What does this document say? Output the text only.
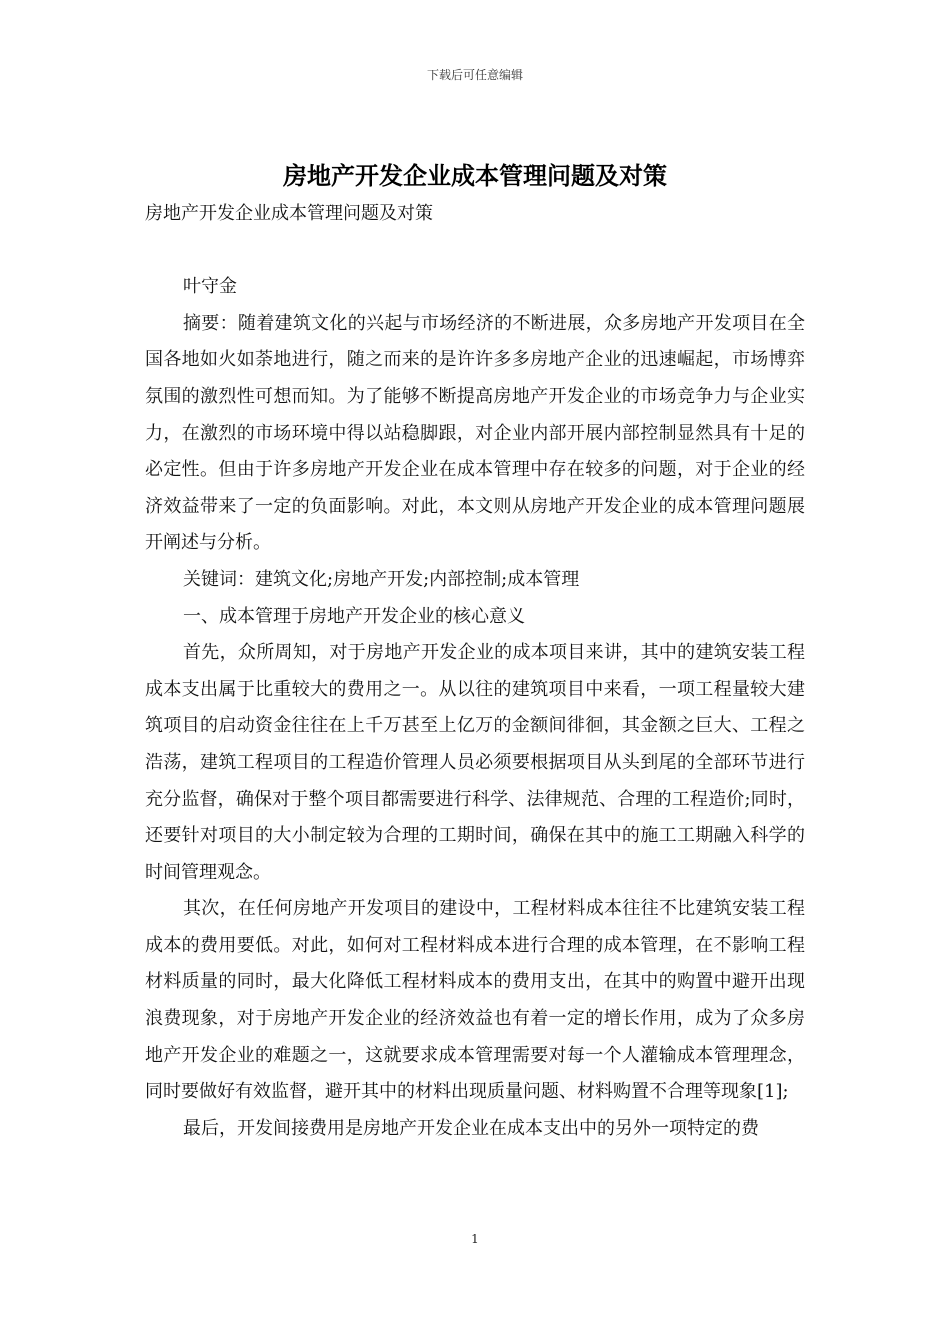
下载后可任意编辑
房地产开发企业成本管理问题及对策

房地产开发企业成本管理问题及对策

叶守金

摘要：随着建筑文化的兴起与市场经济的不断进展，众多房地产开发项目在全国各地如火如荼地进行，随之而来的是许许多多房地产企业的迅速崛起，市场博弈氛围的激烈性可想而知。为了能够不断提高房地产开发企业的市场竞争力与企业实力，在激烈的市场环境中得以站稳脚跟，对企业内部开展内部控制显然具有十足的必定性。但由于许多房地产开发企业在成本管理中存在较多的问题，对于企业的经济效益带来了一定的负面影响。对此，本文则从房地产开发企业的成本管理问题展开阐述与分析。

关键词：建筑文化;房地产开发;内部控制;成本管理

一、成本管理于房地产开发企业的核心意义

首先，众所周知，对于房地产开发企业的成本项目来讲，其中的建筑安装工程成本支出属于比重较大的费用之一。从以往的建筑项目中来看，一项工程量较大建筑项目的启动资金往往在上千万甚至上亿万的金额间徘徊，其金额之巨大、工程之浩荡，建筑工程项目的工程造价管理人员必须要根据项目从头到尾的全部环节进行充分监督，确保对于整个项目都需要进行科学、法律规范、合理的工程造价;同时，还要针对项目的大小制定较为合理的工期时间，确保在其中的施工工期融入科学的时间管理观念。

其次，在任何房地产开发项目的建设中，工程材料成本往往不比建筑安装工程成本的费用要低。对此，如何对工程材料成本进行合理的成本管理，在不影响工程材料质量的同时，最大化降低工程材料成本的费用支出，在其中的购置中避开出现浪费现象，对于房地产开发企业的经济效益也有着一定的增长作用，成为了众多房地产开发企业的难题之一，这就要求成本管理需要对每一个人灌输成本管理理念，同时要做好有效监督，避开其中的材料出现质量问题、材料购置不合理等现象[1];

最后，开发间接费用是房地产开发企业在成本支出中的另外一项特定的费

1
